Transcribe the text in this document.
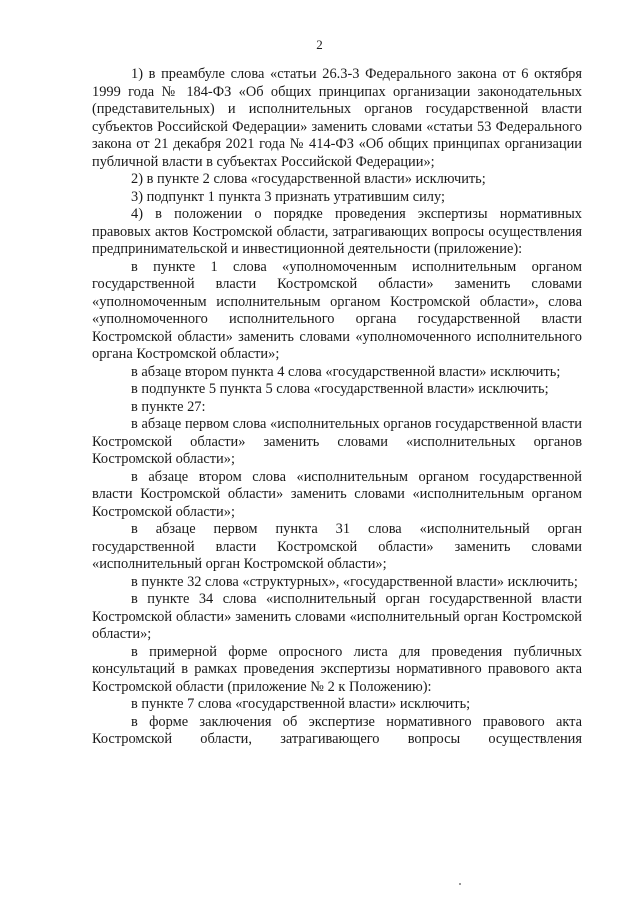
2

1) в преамбуле слова «статьи 26.3-3 Федерального закона от 6 октября 1999 года № 184-ФЗ «Об общих принципах организации законодательных (представительных) и исполнительных органов государственной власти субъектов Российской Федерации» заменить словами «статьи 53 Федерального закона от 21 декабря 2021 года № 414-ФЗ «Об общих принципах организации публичной власти в субъектах Российской Федерации»;

2) в пункте 2 слова «государственной власти» исключить;

3) подпункт 1 пункта 3 признать утратившим силу;

4) в положении о порядке проведения экспертизы нормативных правовых актов Костромской области, затрагивающих вопросы осуществления предпринимательской и инвестиционной деятельности (приложение):

в пункте 1 слова «уполномоченным исполнительным органом государственной власти Костромской области» заменить словами «уполномоченным исполнительным органом Костромской области», слова «уполномоченного исполнительного органа государственной власти Костромской области» заменить словами «уполномоченного исполнительного органа Костромской области»;

в абзаце втором пункта 4 слова «государственной власти» исключить;

в подпункте 5 пункта 5 слова «государственной власти» исключить;

в пункте 27:

в абзаце первом слова «исполнительных органов государственной власти Костромской области» заменить словами «исполнительных органов Костромской области»;

в абзаце втором слова «исполнительным органом государственной власти Костромской области» заменить словами «исполнительным органом Костромской области»;

в абзаце первом пункта 31 слова «исполнительный орган государственной власти Костромской области» заменить словами «исполнительный орган Костромской области»;

в пункте 32 слова «структурных», «государственной власти» исключить;

в пункте 34 слова «исполнительный орган государственной власти Костромской области» заменить словами «исполнительный орган Костромской области»;

в примерной форме опросного листа для проведения публичных консультаций в рамках проведения экспертизы нормативного правового акта Костромской области (приложение № 2 к Положению):

в пункте 7 слова «государственной власти» исключить;

в форме заключения об экспертизе нормативного правового акта Костромской области, затрагивающего вопросы осуществления
